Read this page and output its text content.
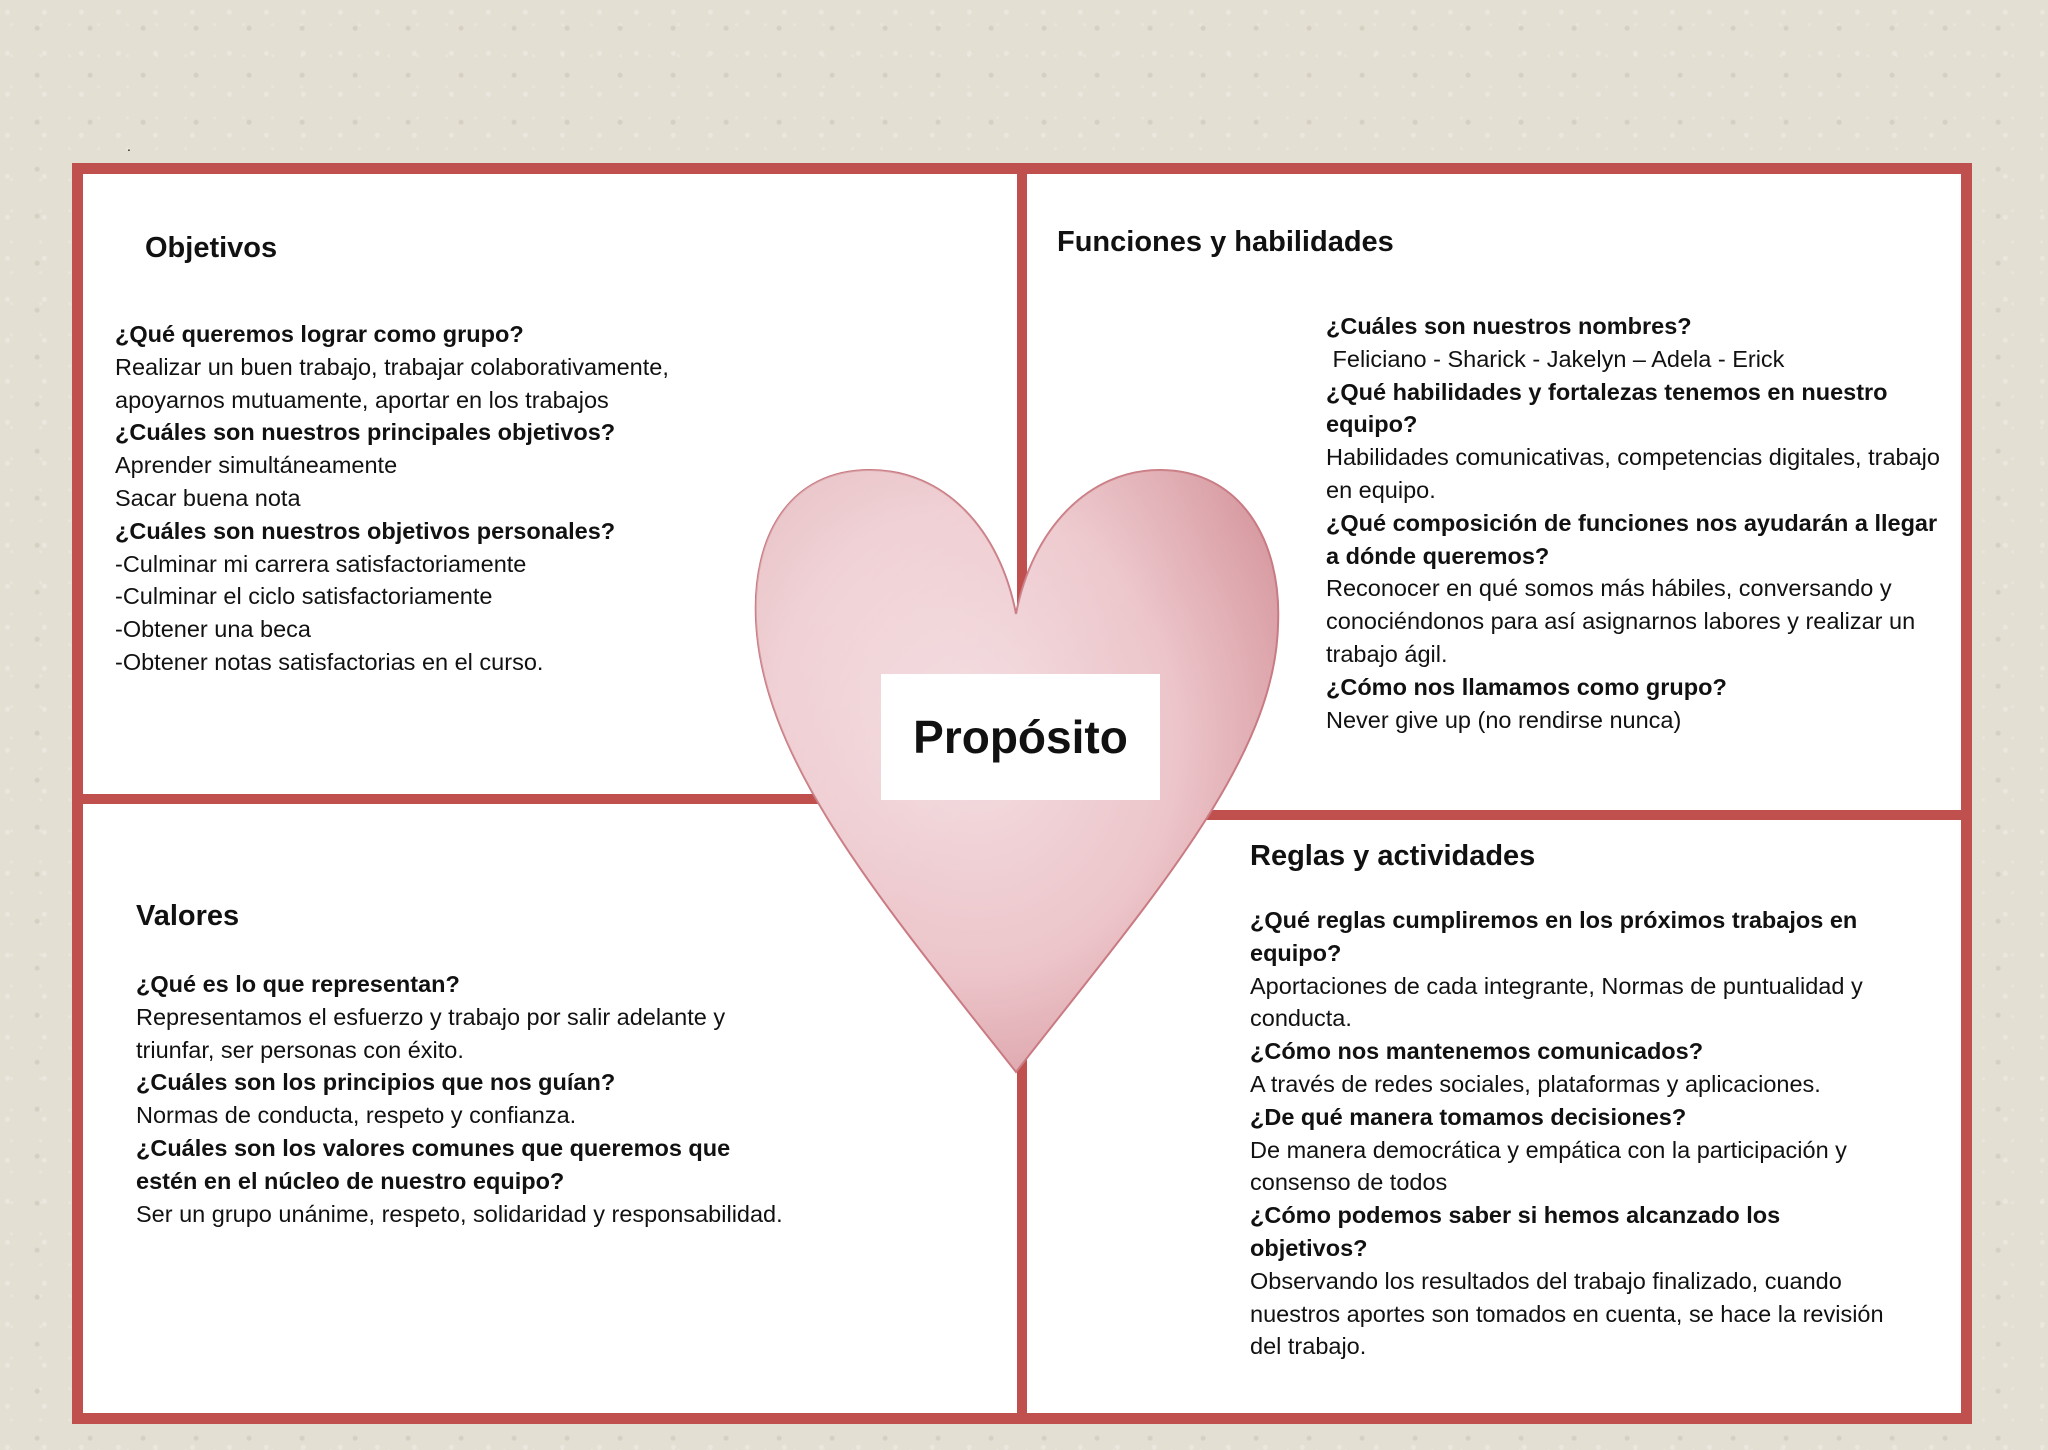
.
Objetivos
¿Qué queremos lograr como grupo?
Realizar un buen trabajo, trabajar colaborativamente, apoyarnos mutuamente, aportar en los trabajos
¿Cuáles son nuestros principales objetivos?
Aprender simultáneamente
Sacar buena nota
¿Cuáles son nuestros objetivos personales?
-Culminar mi carrera satisfactoriamente
-Culminar el ciclo satisfactoriamente
-Obtener una beca
-Obtener notas satisfactorias en el curso.
Funciones y habilidades
¿Cuáles son nuestros nombres?
Feliciano - Sharick - Jakelyn – Adela - Erick
¿Qué habilidades y fortalezas tenemos en nuestro equipo?
Habilidades comunicativas, competencias digitales, trabajo en equipo.
¿Qué composición de funciones nos ayudarán a llegar a dónde queremos?
Reconocer en qué somos más hábiles, conversando y conociéndonos para así asignarnos labores y realizar un trabajo ágil.
¿Cómo nos llamamos como grupo?
Never give up (no rendirse nunca)
Valores
¿Qué es lo que representan?
Representamos el esfuerzo y trabajo por salir adelante y triunfar, ser personas con éxito.
¿Cuáles son los principios que nos guían?
Normas de conducta, respeto y confianza.
¿Cuáles son los valores comunes que queremos que estén en el núcleo de nuestro equipo?
Ser un grupo unánime, respeto, solidaridad y responsabilidad.
Reglas y actividades
¿Qué reglas cumpliremos en los próximos trabajos en equipo?
Aportaciones de cada integrante, Normas de puntualidad y conducta.
¿Cómo nos mantenemos comunicados?
A través de redes sociales, plataformas y aplicaciones.
¿De qué manera tomamos decisiones?
De manera democrática y empática con la participación y consenso de todos
¿Cómo podemos saber si hemos alcanzado los objetivos?
Observando los resultados del trabajo finalizado, cuando nuestros aportes son tomados en cuenta, se hace la revisión del trabajo.
Propósito
